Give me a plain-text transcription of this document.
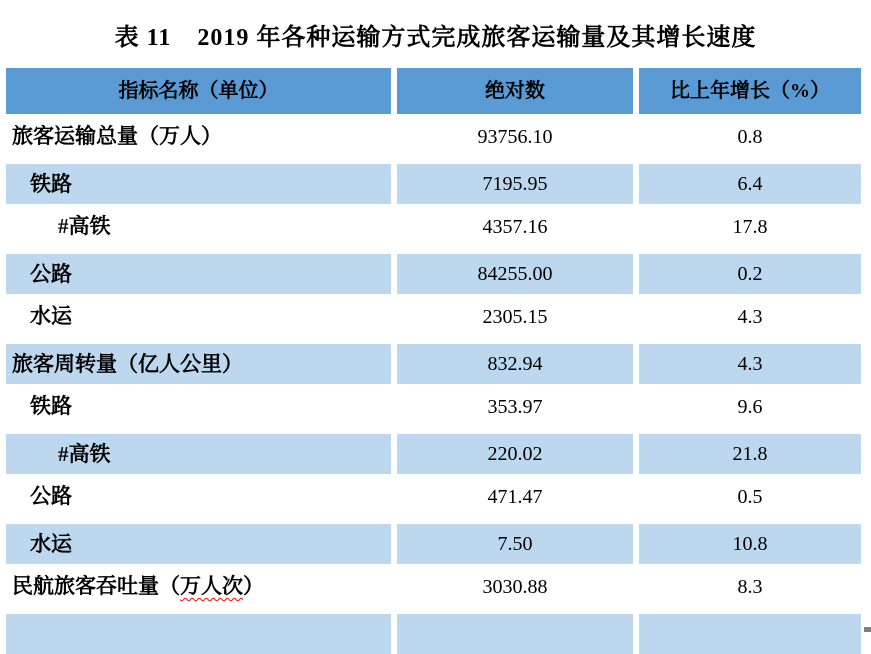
表 11 2019 年各种运输方式完成旅客运输量及其增长速度
指标名称（单位）	绝对数	比上年增长（%）
旅客运输总量（万人）	93756.10	0.8
铁路	7195.95	6.4
#高铁	4357.16	17.8
公路	84255.00	0.2
水运	2305.15	4.3
旅客周转量（亿人公里）	832.94	4.3
铁路	353.97	9.6
#高铁	220.02	21.8
公路	471.47	0.5
水运	7.50	10.8
民航旅客吞吐量（ 万人次 ）	3030.88	8.3
